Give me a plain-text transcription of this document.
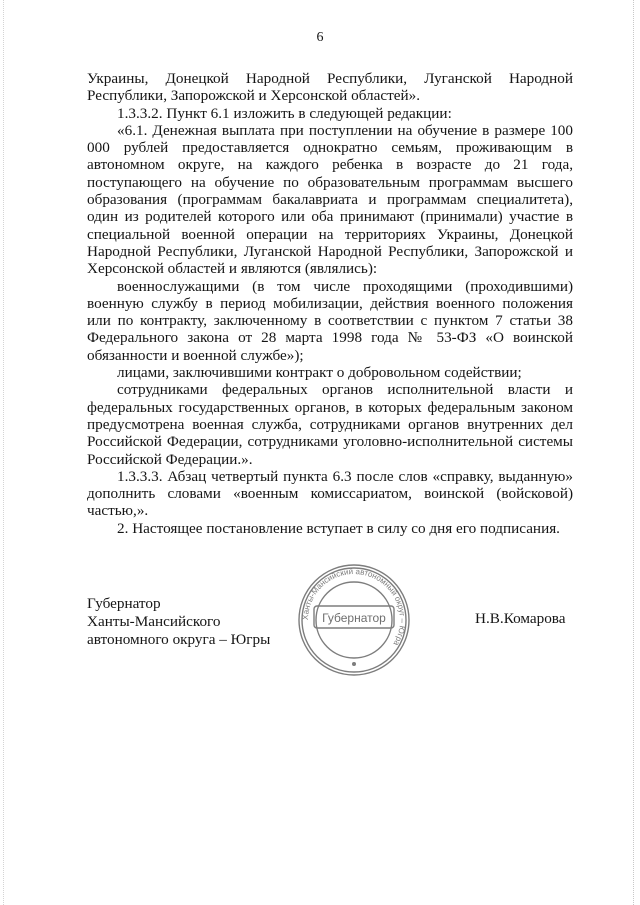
6

Украины, Донецкой Народной Республики, Луганской Народной Республики, Запорожской и Херсонской областей».

1.3.3.2. Пункт 6.1 изложить в следующей редакции:

«6.1. Денежная выплата при поступлении на обучение в размере 100 000 рублей предоставляется однократно семьям, проживающим в автономном округе, на каждого ребенка в возрасте до 21 года, поступающего на обучение по образовательным программам высшего образования (программам бакалавриата и программам специалитета), один из родителей которого или оба принимают (принимали) участие в специальной военной операции на территориях Украины, Донецкой Народной Республики, Луганской Народной Республики, Запорожской и Херсонской областей и являются (являлись):

военнослужащими (в том числе проходящими (проходившими) военную службу в период мобилизации, действия военного положения или по контракту, заключенному в соответствии с пунктом 7 статьи 38 Федерального закона от 28 марта 1998 года № 53-ФЗ «О воинской обязанности и военной службе»);

лицами, заключившими контракт о добровольном содействии;

сотрудниками федеральных органов исполнительной власти и федеральных государственных органов, в которых федеральным законом предусмотрена военная служба, сотрудниками органов внутренних дел Российской Федерации, сотрудниками уголовно-исполнительной системы Российской Федерации.».

1.3.3.3. Абзац четвертый пункта 6.3 после слов «справку, выданную» дополнить словами «военным комиссариатом, воинской (войсковой) частью,».

2. Настоящее постановление вступает в силу со дня его подписания.

Губернатор
Ханты-Мансийского
автономного округа – Югры
Н.В.Комарова
Ханты-Мансийский автономный округ – Югра
Губернатор
